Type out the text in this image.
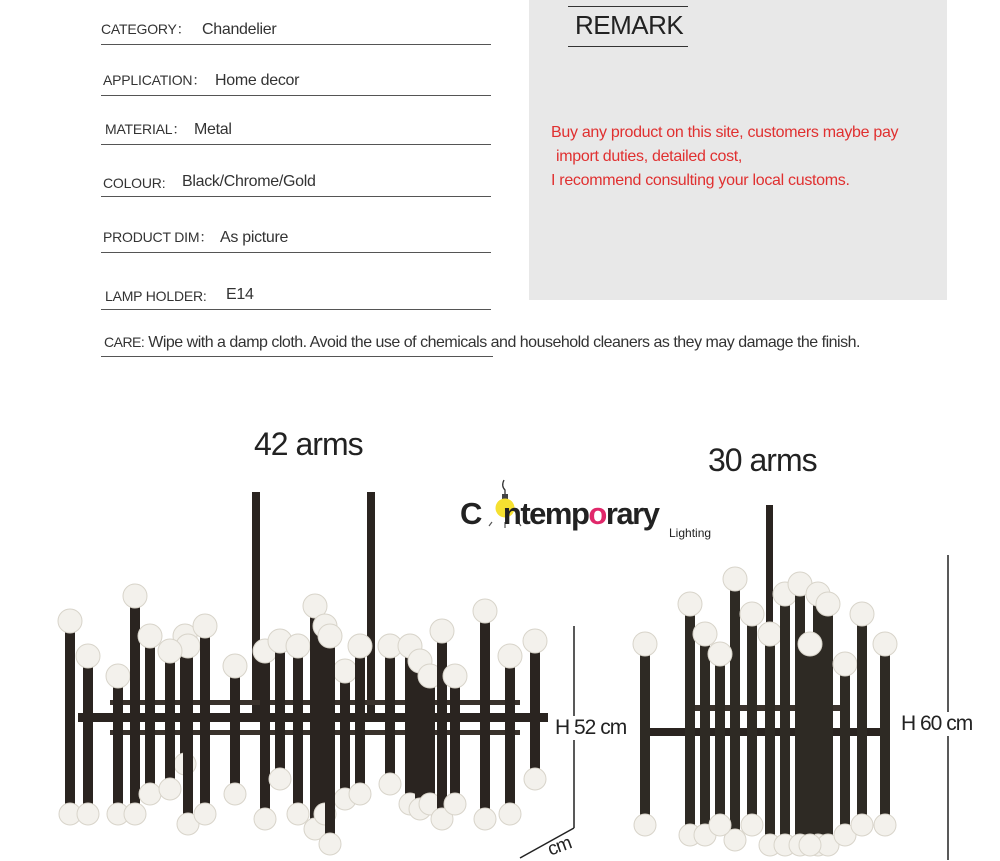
CATEGORY： Chandelier
APPLICATION： Home decor
MATERIAL： Metal
COLOUR: Black/Chrome/Gold
PRODUCT DIM： As picture
LAMP HOLDER: E14
CARE: Wipe with a damp cloth. Avoid the use of chemicals and household cleaners as they may damage the finish.
REMARK
Buy any product on this site, customers maybe pay
import duties, detailed cost,
I recommend consulting your local customs.
42 arms	30 arms
H 52 cm	H 60 cm
cm
C ntemporary
Lighting
